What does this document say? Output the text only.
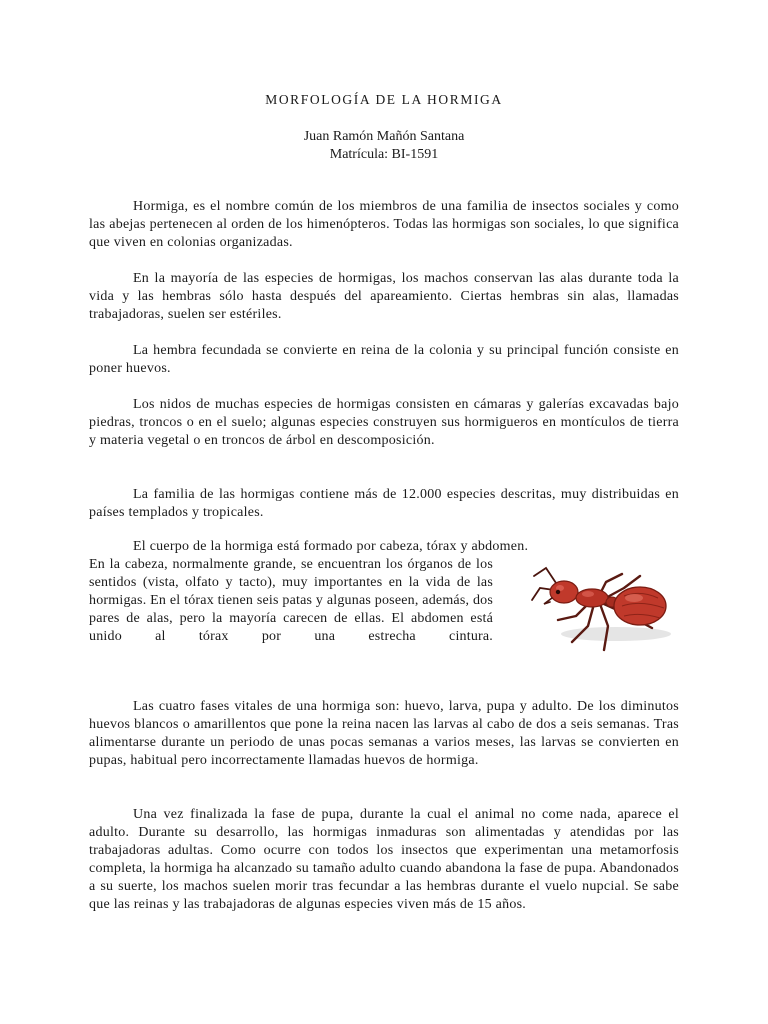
MORFOLOGÍA DE LA HORMIGA
Juan Ramón Mañón Santana
Matrícula: BI-1591

Hormiga, es el nombre común de los miembros de una familia de insectos sociales y como las abejas pertenecen al orden de los himenópteros. Todas las hormigas son sociales, lo que significa que viven en colonias organizadas.

En la mayoría de las especies de hormigas, los machos conservan las alas durante toda la vida y las hembras sólo hasta después del apareamiento. Ciertas hembras sin alas, llamadas trabajadoras, suelen ser estériles.

La hembra fecundada se convierte en reina de la colonia y su principal función consiste en poner huevos.

Los nidos de muchas especies de hormigas consisten en cámaras y galerías excavadas bajo piedras, troncos o en el suelo; algunas especies construyen sus hormigueros en montículos de tierra y materia vegetal o en troncos de árbol en descomposición.

La familia de las hormigas contiene más de 12.000 especies descritas, muy distribuidas en países templados y tropicales.

El cuerpo de la hormiga está formado por cabeza, tórax y abdomen.

En la cabeza, normalmente grande, se encuentran los órganos de los sentidos (vista, olfato y tacto), muy importantes en la vida de las hormigas. En el tórax tienen seis patas y algunas poseen, además, dos pares de alas, pero la mayoría carecen de ellas. El abdomen está unido al tórax por una estrecha cintura.

Las cuatro fases vitales de una hormiga son: huevo, larva, pupa y adulto. De los diminutos huevos blancos o amarillentos que pone la reina nacen las larvas al cabo de dos a seis semanas. Tras alimentarse durante un periodo de unas pocas semanas a varios meses, las larvas se convierten en pupas, habitual pero incorrectamente llamadas huevos de hormiga.

Una vez finalizada la fase de pupa, durante la cual el animal no come nada, aparece el adulto. Durante su desarrollo, las hormigas inmaduras son alimentadas y atendidas por las trabajadoras adultas. Como ocurre con todos los insectos que experimentan una metamorfosis completa, la hormiga ha alcanzado su tamaño adulto cuando abandona la fase de pupa. Abandonados a su suerte, los machos suelen morir tras fecundar a las hembras durante el vuelo nupcial. Se sabe que las reinas y las trabajadoras de algunas especies viven más de 15 años.
